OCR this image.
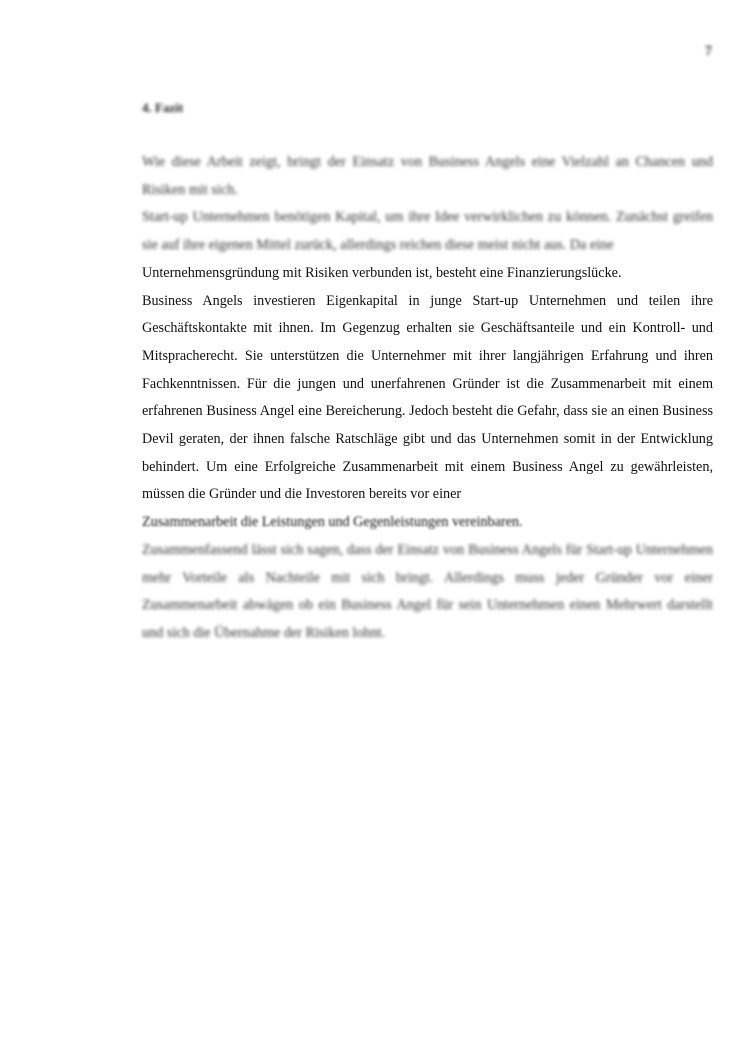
7
4. Fazit

Wie diese Arbeit zeigt, bringt der Einsatz von Business Angels eine Vielzahl an Chancen und Risiken mit sich.

Start-up Unternehmen benötigen Kapital, um ihre Idee verwirklichen zu können. Zunächst greifen sie auf ihre eigenen Mittel zurück, allerdings reichen diese meist nicht aus. Da eine

Unternehmensgründung mit Risiken verbunden ist, besteht eine Finanzierungslücke.

Business Angels investieren Eigenkapital in junge Start-up Unternehmen und teilen ihre Geschäftskontakte mit ihnen. Im Gegenzug erhalten sie Geschäftsanteile und ein Kontroll- und Mitspracherecht. Sie unterstützen die Unternehmer mit ihrer langjährigen Erfahrung und ihren Fachkenntnissen. Für die jungen und unerfahrenen Gründer ist die Zusammenarbeit mit einem erfahrenen Business Angel eine Bereicherung. Jedoch besteht die Gefahr, dass sie an einen Business Devil geraten, der ihnen falsche Ratschläge gibt und das Unternehmen somit in der Entwicklung behindert. Um eine Erfolgreiche Zusammenarbeit mit einem Business Angel zu gewährleisten, müssen die Gründer und die Investoren bereits vor einer

Zusammenarbeit die Leistungen und Gegenleistungen vereinbaren.

Zusammenfassend lässt sich sagen, dass der Einsatz von Business Angels für Start-up Unternehmen mehr Vorteile als Nachteile mit sich bringt. Allerdings muss jeder Gründer vor einer Zusammenarbeit abwägen ob ein Business Angel für sein Unternehmen einen Mehrwert darstellt und sich die Übernahme der Risiken lohnt.
